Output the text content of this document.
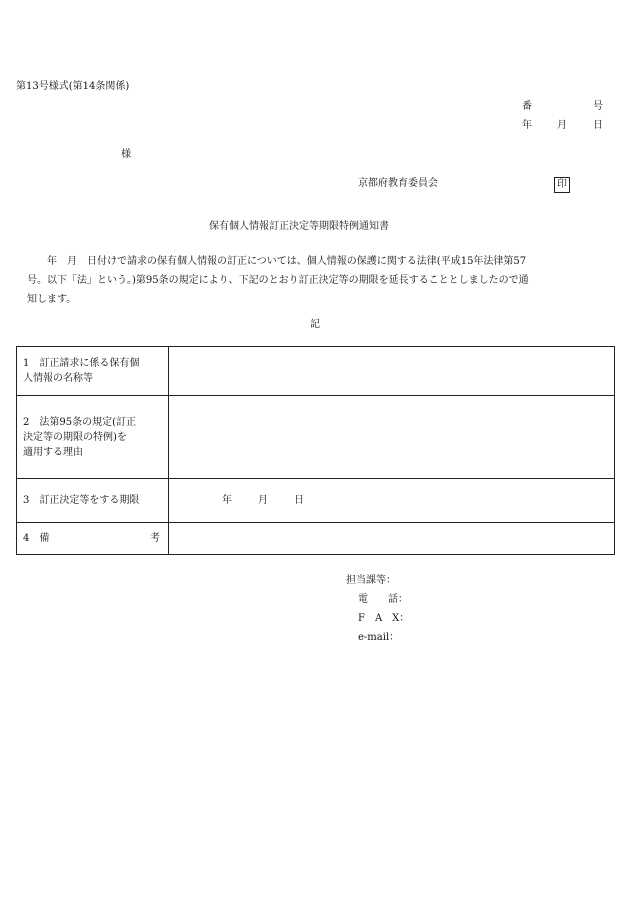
第13号様式(第14条関係)
番	号
年	月	日
様
京都府教育委員会	印
保有個人情報訂正決定等期限特例通知書
　　年　月　日付けで請求の保有個人情報の訂正については、個人情報の保護に関する法律(平成15年法律第57
号。以下「法」という。)第95条の規定により、下記のとおり訂正決定等の期限を延長することとしましたので通
知します。
記
1　訂正請求に係る保有個
人情報の名称等	

2　法第95条の規定(訂正
決定等の期限の特例)を
適用する理由	

3　訂正決定等をする期限	年 月 日

4　備 考	

担当課等：
電　　話：
F　A　X：
e-mail：
